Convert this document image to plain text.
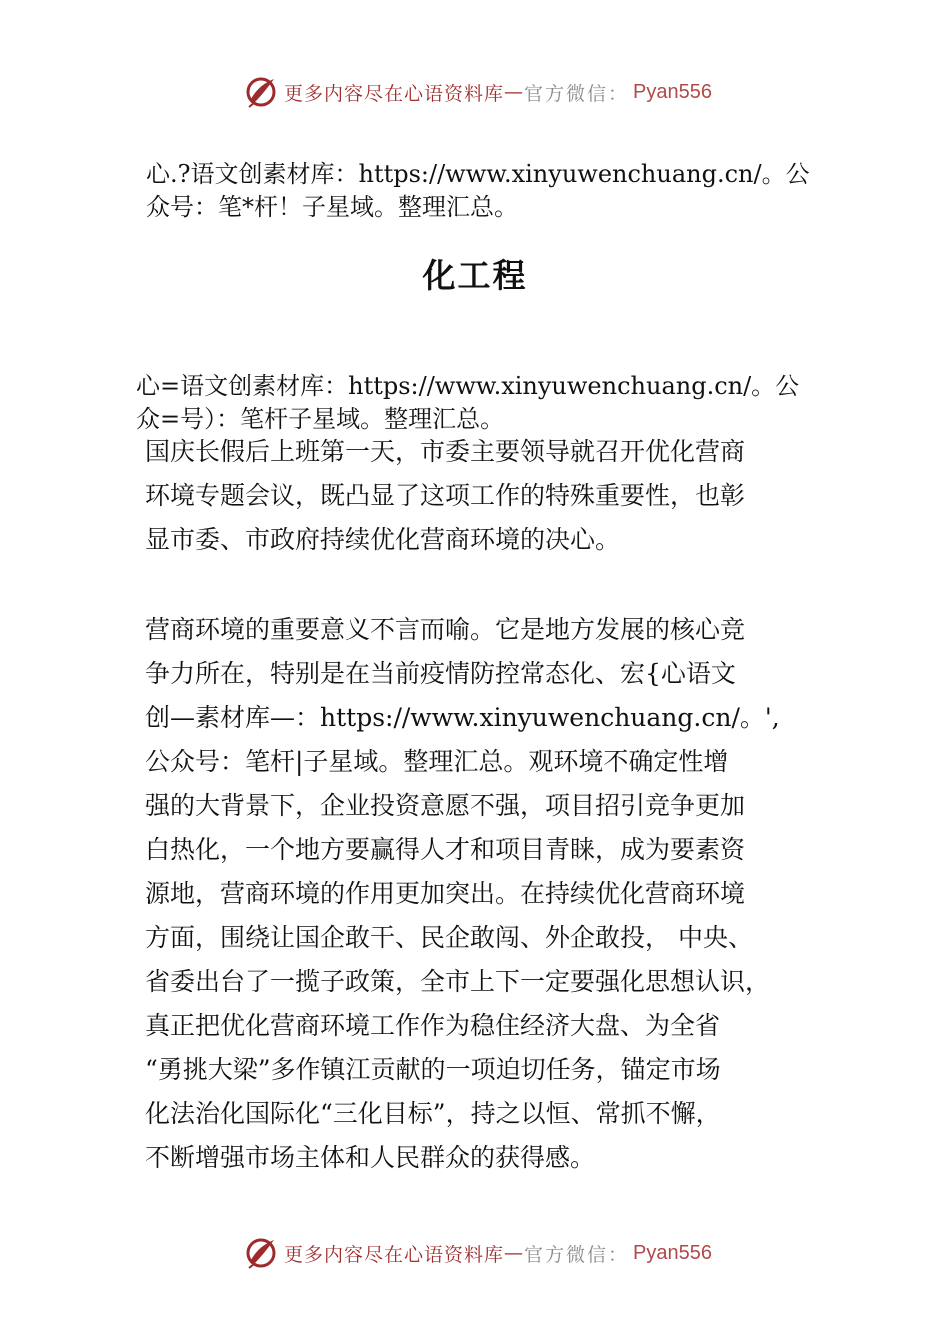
更多内容尽在心语资料库 — 官方微信： Pyan556
心.?语文创素材库：https://www.xinyuwenchuang.cn/。公
众号：笔*杆！子星域。整理汇总。
化工程
心=语文创素材库：https://www.xinyuwenchuang.cn/。公
众=号）：笔杆子星域。整理汇总。
国庆长假后上班第一天，市委主要领导就召开优化营商
环境专题会议，既凸显了这项工作的特殊重要性，也彰
显市委、市政府持续优化营商环境的决心。
营商环境的重要意义不言而喻。它是地方发展的核心竞
争力所在，特别是在当前疫情防控常态化、宏{心语文
创—素材库—：https://www.xinyuwenchuang.cn/。',
公众号：笔杆|子星域。整理汇总。观环境不确定性增
强的大背景下，企业投资意愿不强，项目招引竞争更加
白热化，一个地方要赢得人才和项目青睐，成为要素资
源地，营商环境的作用更加突出。在持续优化营商环境
方面，围绕让国企敢干、民企敢闯、外企敢投， 中央、
省委出台了一揽子政策，全市上下一定要强化思想认识，
真正把优化营商环境工作作为稳住经济大盘、为全省
“勇挑大梁”多作镇江贡献的一项迫切任务，锚定市场
化法治化国际化“三化目标”，持之以恒、常抓不懈，
不断增强市场主体和人民群众的获得感。
更多内容尽在心语资料库 — 官方微信： Pyan556
